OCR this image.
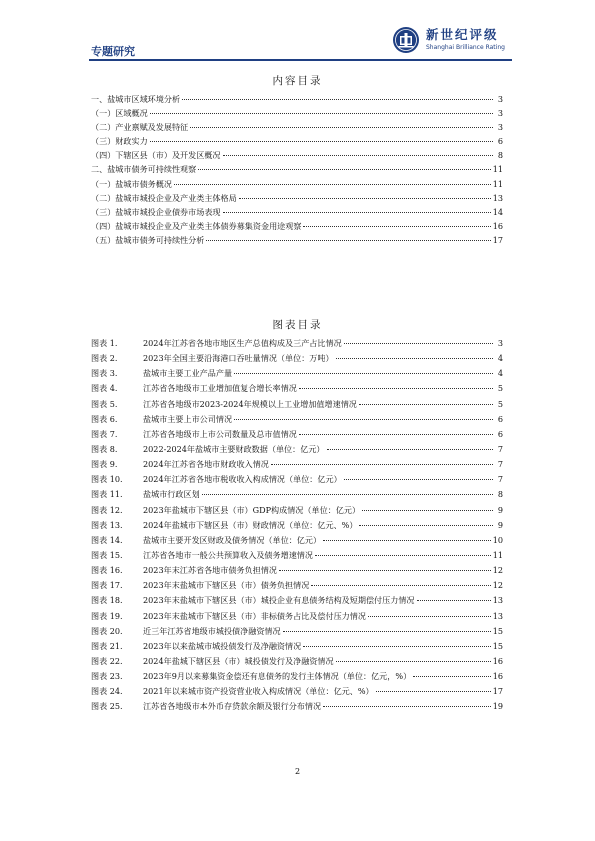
专题研究
新世纪评级
Shanghai Brilliance Rating
内容目录
一、盐城市区域环境分析	3
（一）区域概况	3
（二）产业禀赋及发展特征	3
（三）财政实力	6
（四）下辖区县（市）及开发区概况	8
二、盐城市债务可持续性观察	11
（一）盐城市债务概况	11
（二）盐城市城投企业及产业类主体格局	13
（三）盐城市城投企业债券市场表现	14
（四）盐城市城投企业及产业类主体债券募集资金用途观察	16
（五）盐城市债务可持续性分析	17
图表目录
图表 1.	2024年江苏省各地市地区生产总值构成及三产占比情况	3
图表 2.	2023年全国主要沿海港口吞吐量情况（单位：万吨）	4
图表 3.	盐城市主要工业产品产量	4
图表 4.	江苏省各地级市工业增加值复合增长率情况	5
图表 5.	江苏省各地级市2023-2024年规模以上工业增加值增速情况	5
图表 6.	盐城市主要上市公司情况	6
图表 7.	江苏省各地级市上市公司数量及总市值情况	6
图表 8.	2022-2024年盐城市主要财政数据（单位：亿元）	7
图表 9.	2024年江苏省各地市财政收入情况	7
图表 10.	2024年江苏省各地市税收收入构成情况（单位：亿元）	7
图表 11.	盐城市行政区划	8
图表 12.	2023年盐城市下辖区县（市）GDP构成情况（单位：亿元）	9
图表 13.	2024年盐城市下辖区县（市）财政情况（单位：亿元、%）	9
图表 14.	盐城市主要开发区财政及债务情况（单位：亿元）	10
图表 15.	江苏省各地市一般公共预算收入及债务增速情况	11
图表 16.	2023年末江苏省各地市债务负担情况	12
图表 17.	2023年末盐城市下辖区县（市）债务负担情况	12
图表 18.	2023年末盐城市下辖区县（市）城投企业有息债务结构及短期偿付压力情况	13
图表 19.	2023年末盐城市下辖区县（市）非标债务占比及偿付压力情况	13
图表 20.	近三年江苏省地级市城投债净融资情况	15
图表 21.	2023年以来盐城市城投债发行及净融资情况	15
图表 22.	2024年盐城下辖区县（市）城投债发行及净融资情况	16
图表 23.	2023年9月以来募集资金偿还有息债务的发行主体情况（单位：亿元，%）	16
图表 24.	2021年以来城市资产投资营业收入构成情况（单位：亿元、%）	17
图表 25.	江苏省各地级市本外币存贷款余额及银行分布情况	19
2
